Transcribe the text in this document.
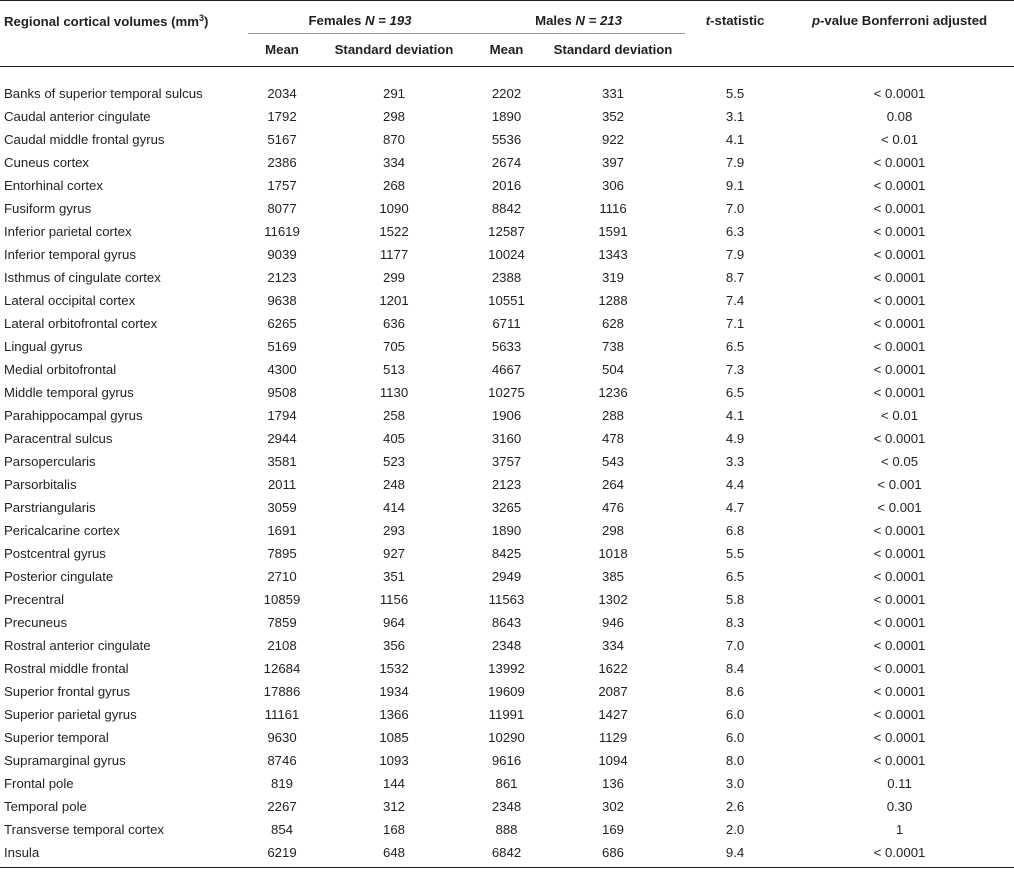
Regional cortical volumes $(mm^3)$	Females N = 193		Males N = 213		t-statistic	p-value Bonferroni adjusted
	Mean	Standard deviation	Mean	Standard deviation		

Banks of superior temporal sulcus	2034	291	2202	331	5.5	< 0.0001
Caudal anterior cingulate	1792	298	1890	352	3.1	0.08
Caudal middle frontal gyrus	5167	870	5536	922	4.1	< 0.01
Cuneus cortex	2386	334	2674	397	7.9	< 0.0001
Entorhinal cortex	1757	268	2016	306	9.1	< 0.0001
Fusiform gyrus	8077	1090	8842	1116	7.0	< 0.0001
Inferior parietal cortex	11619	1522	12587	1591	6.3	< 0.0001
Inferior temporal gyrus	9039	1177	10024	1343	7.9	< 0.0001
Isthmus of cingulate cortex	2123	299	2388	319	8.7	< 0.0001
Lateral occipital cortex	9638	1201	10551	1288	7.4	< 0.0001
Lateral orbitofrontal cortex	6265	636	6711	628	7.1	< 0.0001
Lingual gyrus	5169	705	5633	738	6.5	< 0.0001
Medial orbitofrontal	4300	513	4667	504	7.3	< 0.0001
Middle temporal gyrus	9508	1130	10275	1236	6.5	< 0.0001
Parahippocampal gyrus	1794	258	1906	288	4.1	< 0.01
Paracentral sulcus	2944	405	3160	478	4.9	< 0.0001
Parsopercularis	3581	523	3757	543	3.3	< 0.05
Parsorbitalis	2011	248	2123	264	4.4	< 0.001
Parstriangularis	3059	414	3265	476	4.7	< 0.001
Pericalcarine cortex	1691	293	1890	298	6.8	< 0.0001
Postcentral gyrus	7895	927	8425	1018	5.5	< 0.0001
Posterior cingulate	2710	351	2949	385	6.5	< 0.0001
Precentral	10859	1156	11563	1302	5.8	< 0.0001
Precuneus	7859	964	8643	946	8.3	< 0.0001
Rostral anterior cingulate	2108	356	2348	334	7.0	< 0.0001
Rostral middle frontal	12684	1532	13992	1622	8.4	< 0.0001
Superior frontal gyrus	17886	1934	19609	2087	8.6	< 0.0001
Superior parietal gyrus	11161	1366	11991	1427	6.0	< 0.0001
Superior temporal	9630	1085	10290	1129	6.0	< 0.0001
Supramarginal gyrus	8746	1093	9616	1094	8.0	< 0.0001
Frontal pole	819	144	861	136	3.0	0.11
Temporal pole	2267	312	2348	302	2.6	0.30
Transverse temporal cortex	854	168	888	169	2.0	1
Insula	6219	648	6842	686	9.4	< 0.0001
